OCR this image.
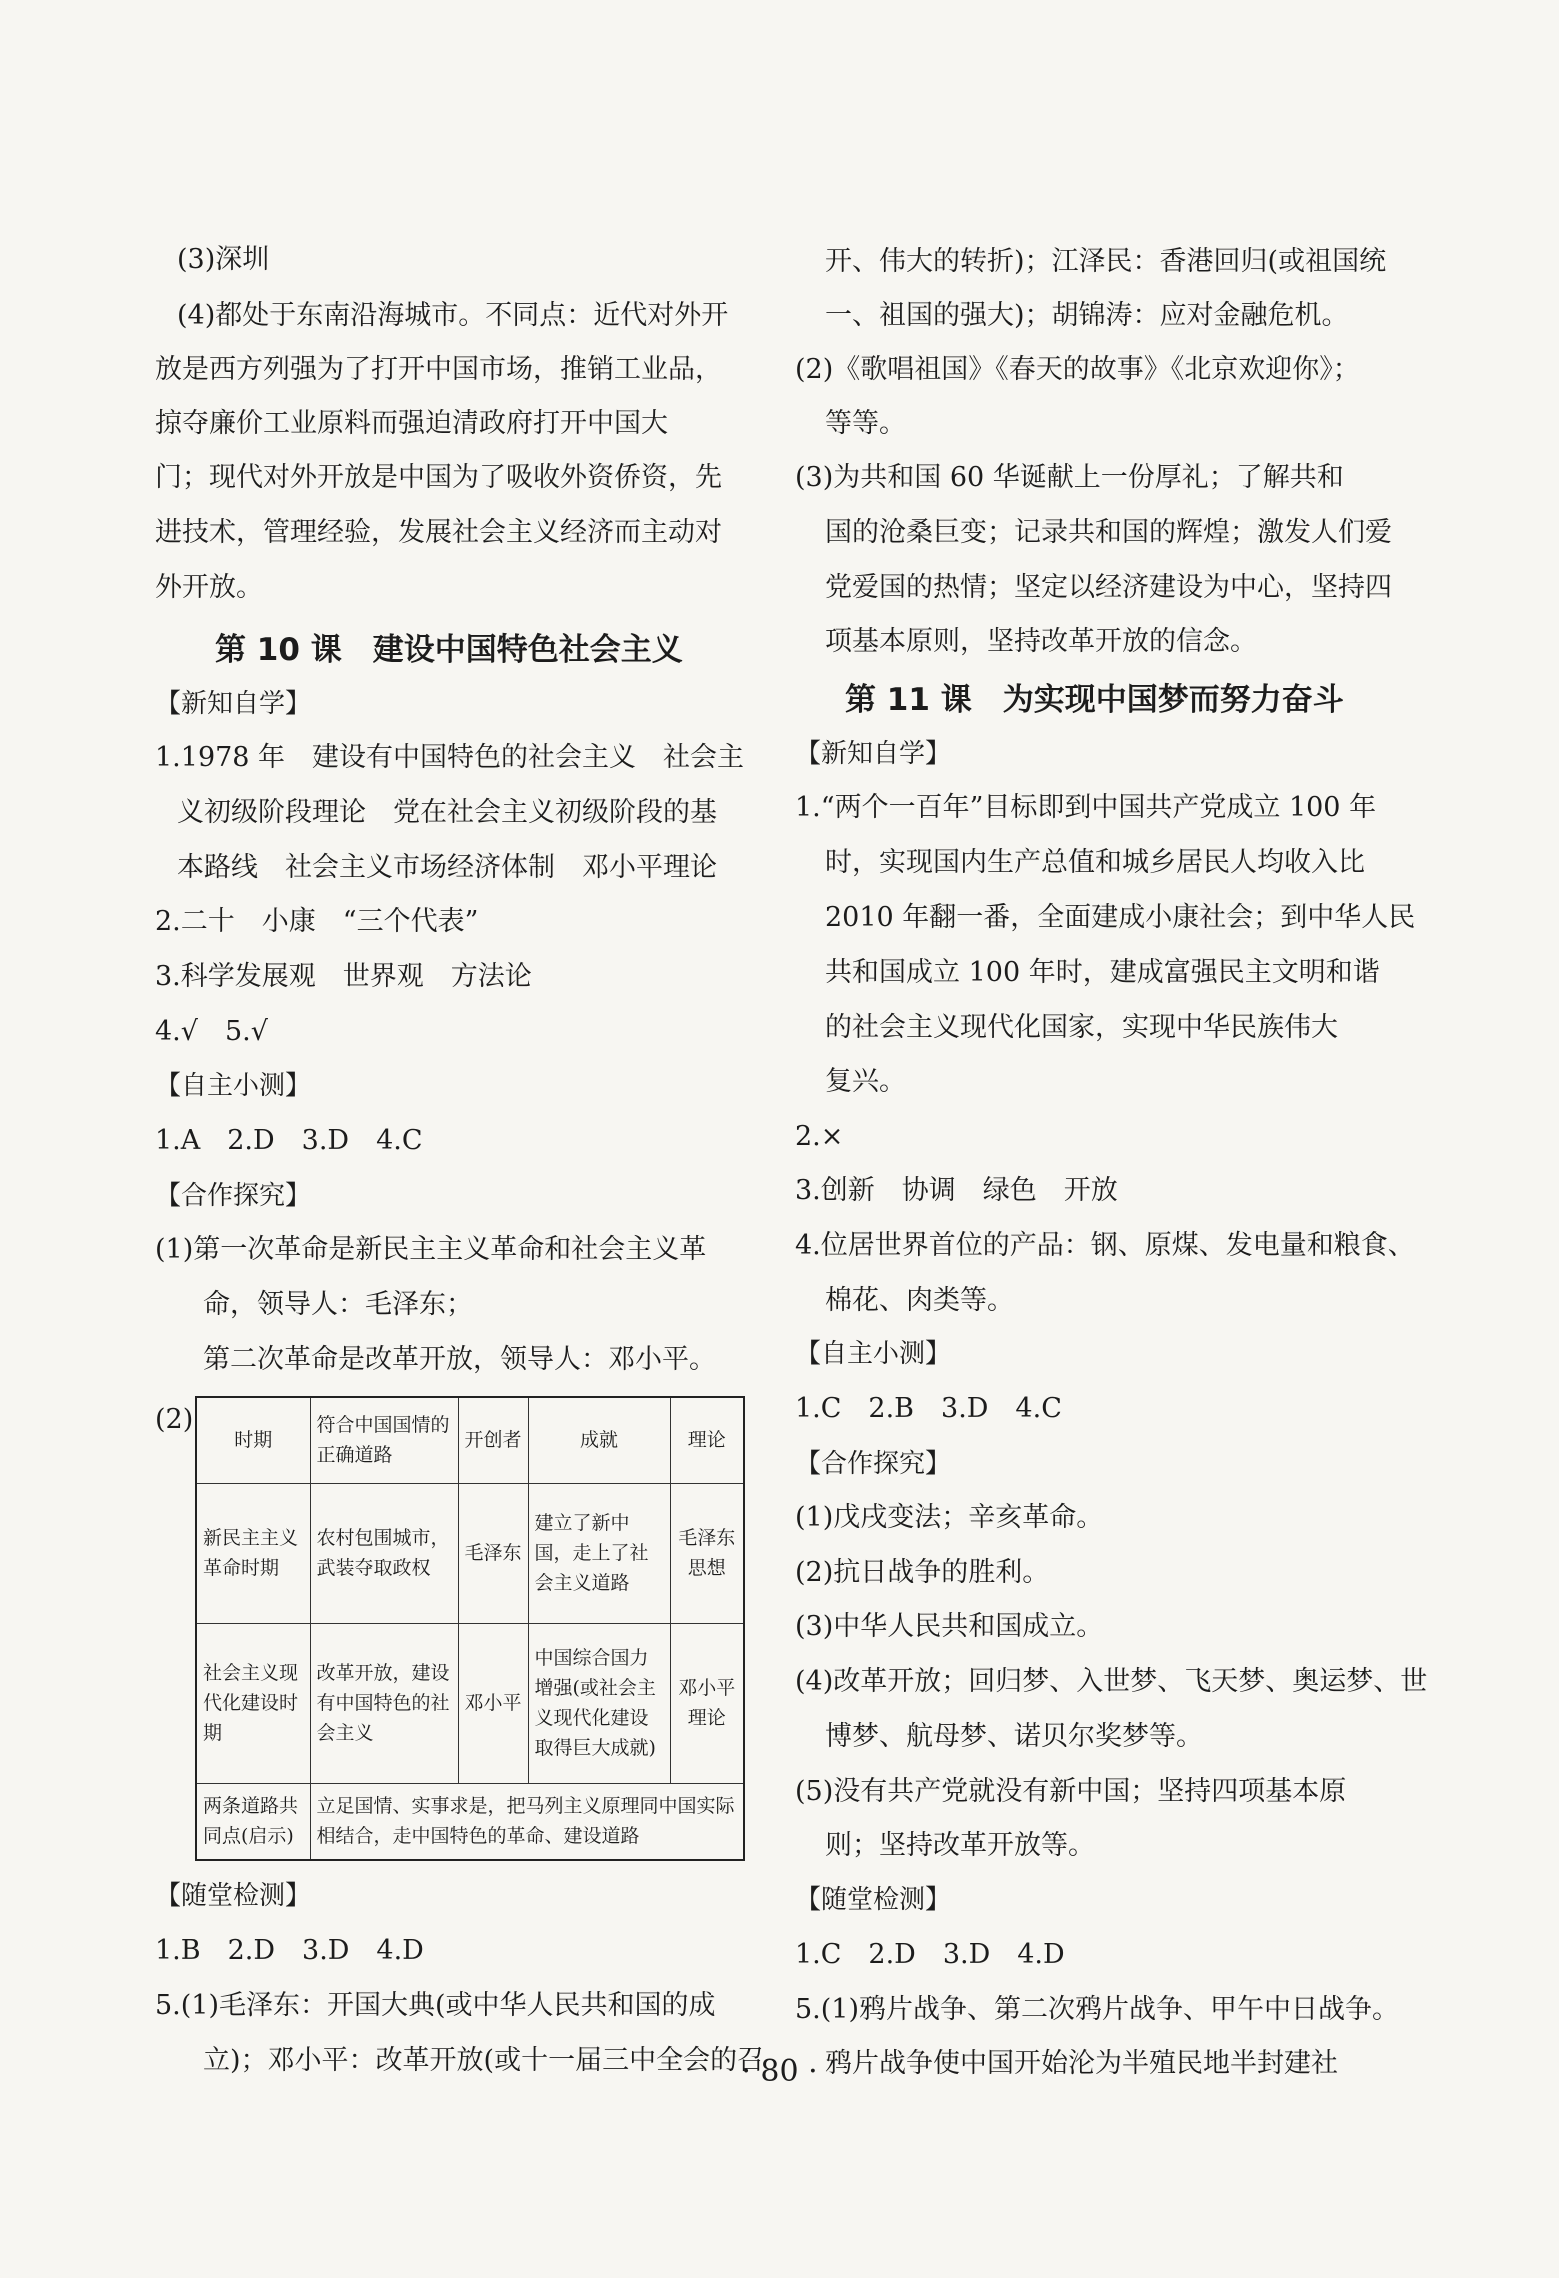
(3)深圳
(4)都处于东南沿海城市。不同点：近代对外开
放是西方列强为了打开中国市场，推销工业品，
掠夺廉价工业原料而强迫清政府打开中国大
门；现代对外开放是中国为了吸收外资侨资，先
进技术，管理经验，发展社会主义经济而主动对
外开放。
第 10 课　建设中国特色社会主义
【新知自学】
1.1978 年　建设有中国特色的社会主义　社会主
义初级阶段理论　党在社会主义初级阶段的基
本路线　社会主义市场经济体制　邓小平理论
2.二十　小康　“三个代表”
3.科学发展观　世界观　方法论
4.√　5.√
【自主小测】
1.A　2.D　3.D　4.C
【合作探究】
(1)第一次革命是新民主主义革命和社会主义革
命，领导人：毛泽东；
第二次革命是改革开放，领导人：邓小平。
(2)
时期	符合中国国情的正确道路	开创者	成就	理论
新民主主义革命时期	农村包围城市，武装夺取政权	毛泽东	建立了新中国，走上了社会主义道路	毛泽东思想
社会主义现代化建设时期	改革开放，建设有中国特色的社会主义	邓小平	中国综合国力增强(或社会主义现代化建设取得巨大成就)	邓小平理论
两条道路共同点(启示)	立足国情、实事求是，把马列主义原理同中国实际相结合，走中国特色的革命、建设道路			
【随堂检测】
1.B　2.D　3.D　4.D
5.(1)毛泽东：开国大典(或中华人民共和国的成
立)；邓小平：改革开放(或十一届三中全会的召
开、伟大的转折)；江泽民：香港回归(或祖国统
一、祖国的强大)；胡锦涛：应对金融危机。
(2)《歌唱祖国》《春天的故事》《北京欢迎你》；
等等。
(3)为共和国 60 华诞献上一份厚礼；了解共和
国的沧桑巨变；记录共和国的辉煌；激发人们爱
党爱国的热情；坚定以经济建设为中心，坚持四
项基本原则，坚持改革开放的信念。
第 11 课　为实现中国梦而努力奋斗
【新知自学】
1.“两个一百年”目标即到中国共产党成立 100 年
时，实现国内生产总值和城乡居民人均收入比
2010 年翻一番，全面建成小康社会；到中华人民
共和国成立 100 年时，建成富强民主文明和谐
的社会主义现代化国家，实现中华民族伟大
复兴。
2.×
3.创新　协调　绿色　开放
4.位居世界首位的产品：钢、原煤、发电量和粮食、
棉花、肉类等。
【自主小测】
1.C　2.B　3.D　4.C
【合作探究】
(1)戊戌变法；辛亥革命。
(2)抗日战争的胜利。
(3)中华人民共和国成立。
(4)改革开放；回归梦、入世梦、飞天梦、奥运梦、世
博梦、航母梦、诺贝尔奖梦等。
(5)没有共产党就没有新中国；坚持四项基本原
则；坚持改革开放等。
【随堂检测】
1.C　2.D　3.D　4.D
5.(1)鸦片战争、第二次鸦片战争、甲午中日战争。
鸦片战争使中国开始沦为半殖民地半封建社
· 80 ·
